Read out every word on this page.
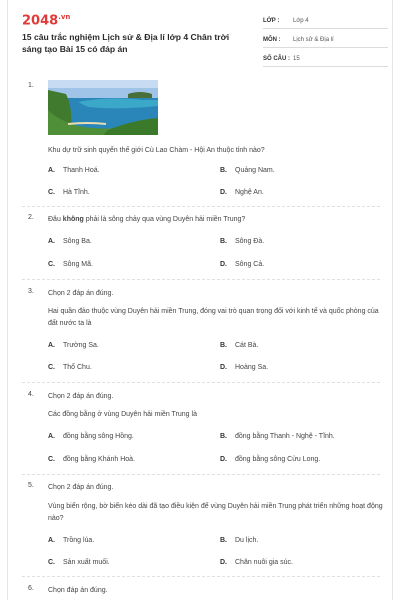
$2048^{.vn}$
15 câu trắc nghiệm Lịch sử & Địa lí lớp 4 Chân trời sáng tạo Bài 15 có đáp án
LỚP :	Lớp 4
MÔN :	Lịch sử & Địa lí
SỐ CÂU : 15
1.
Khu dự trữ sinh quyển thế giới Cù Lao Chàm - Hội An thuộc tỉnh nào?
A. Thanh Hoá.	B. Quảng Nam.
C. Hà Tĩnh.	D. Nghệ An.
2. Đâu không phải là sông chảy qua vùng Duyên hải miền Trung?
A. Sông Ba.	B. Sông Đà.
C. Sông Mã.	D. Sông Cả.
3. Chọn 2 đáp án đúng.
Hai quần đảo thuộc vùng Duyên hải miền Trung, đóng vai trò quan trọng đối với kinh tế và quốc phòng của đất nước ta là
A. Trường Sa.	B. Cát Bà.
C. Thổ Chu.	D. Hoàng Sa.
4. Chọn 2 đáp án đúng.
Các đồng bằng ở vùng Duyên hải miền Trung là
A. đồng bằng sông Hồng.	B. đồng bằng Thanh - Nghệ - Tĩnh.
C. đồng bằng Khánh Hoà.	D. đồng bằng sông Cửu Long.
5. Chọn 2 đáp án đúng.
Vùng biển rộng, bờ biển kéo dài đã tạo điều kiện để vùng Duyên hải miền Trung phát triển những hoạt động nào?
A. Trồng lúa.	B. Du lịch.
C. Sản xuất muối.	D. Chăn nuôi gia súc.
6. Chọn đáp án đúng.
